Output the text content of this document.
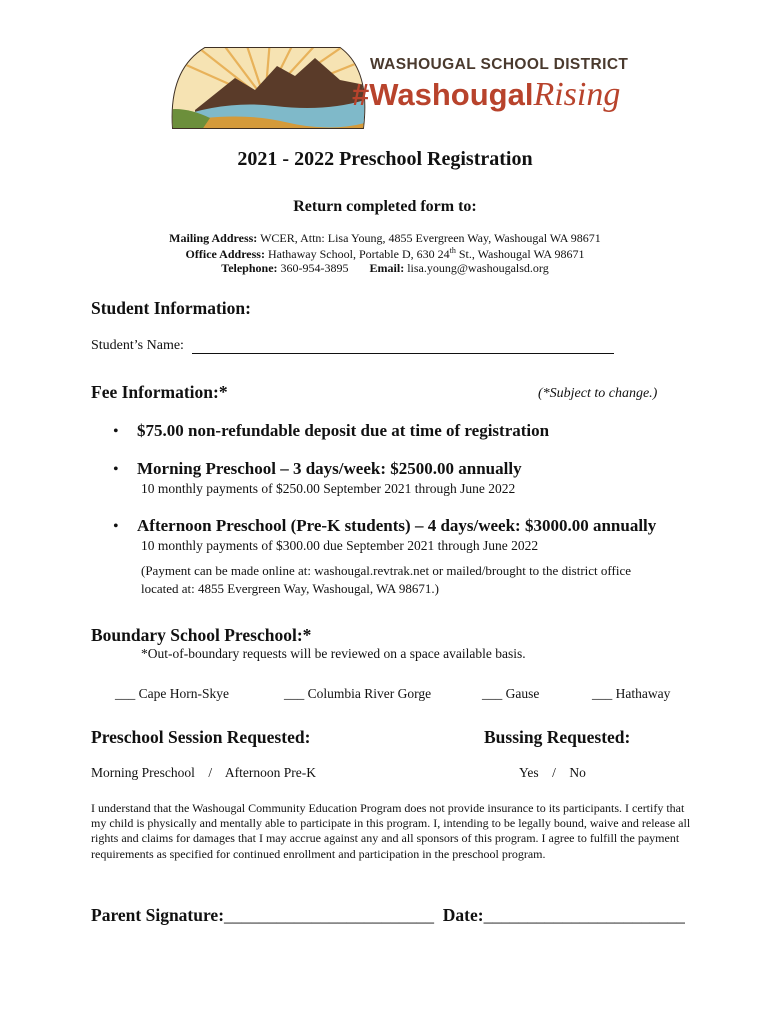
WASHOUGAL SCHOOL DISTRICT
#WashougalRising
2021 - 2022 Preschool Registration
Return completed form to:
Mailing Address: WCER, Attn: Lisa Young, 4855 Evergreen Way, Washougal WA 98671
Office Address: Hathaway School, Portable D, 630 24th St., Washougal WA 98671
Telephone: 360-954-3895 Email: lisa.young@washougalsd.org
Student Information:
Student’s Name:
Fee Information:*	(*Subject to change.)
• $75.00 non-refundable deposit due at time of registration
• Morning Preschool – 3 days/week: $2500.00 annually
10 monthly payments of $250.00 September 2021 through June 2022
• Afternoon Preschool (Pre-K students) – 4 days/week: $3000.00 annually
10 monthly payments of $300.00 due September 2021 through June 2022
(Payment can be made online at: washougal.revtrak.net or mailed/brought to the district office
located at: 4855 Evergreen Way, Washougal, WA 98671.)
Boundary School Preschool:*
*Out-of-boundary requests will be reviewed on a space available basis.
___ Cape Horn-Skye	___ Columbia River Gorge	___ Gause	___ Hathaway
Preschool Session Requested:	Bussing Requested:
Morning Preschool    /    Afternoon Pre-K	Yes    /    No
I understand that the Washougal Community Education Program does not provide insurance to its participants. I certify that my child is physically and mentally able to participate in this program. I, intending to be legally bound, waive and release all rights and claims for damages that I may accrue against any and all sponsors of this program. I agree to fulfill the payment requirements as specified for continued enrollment and participation in the preschool program.
Parent Signature:________________________ Date:_______________________
